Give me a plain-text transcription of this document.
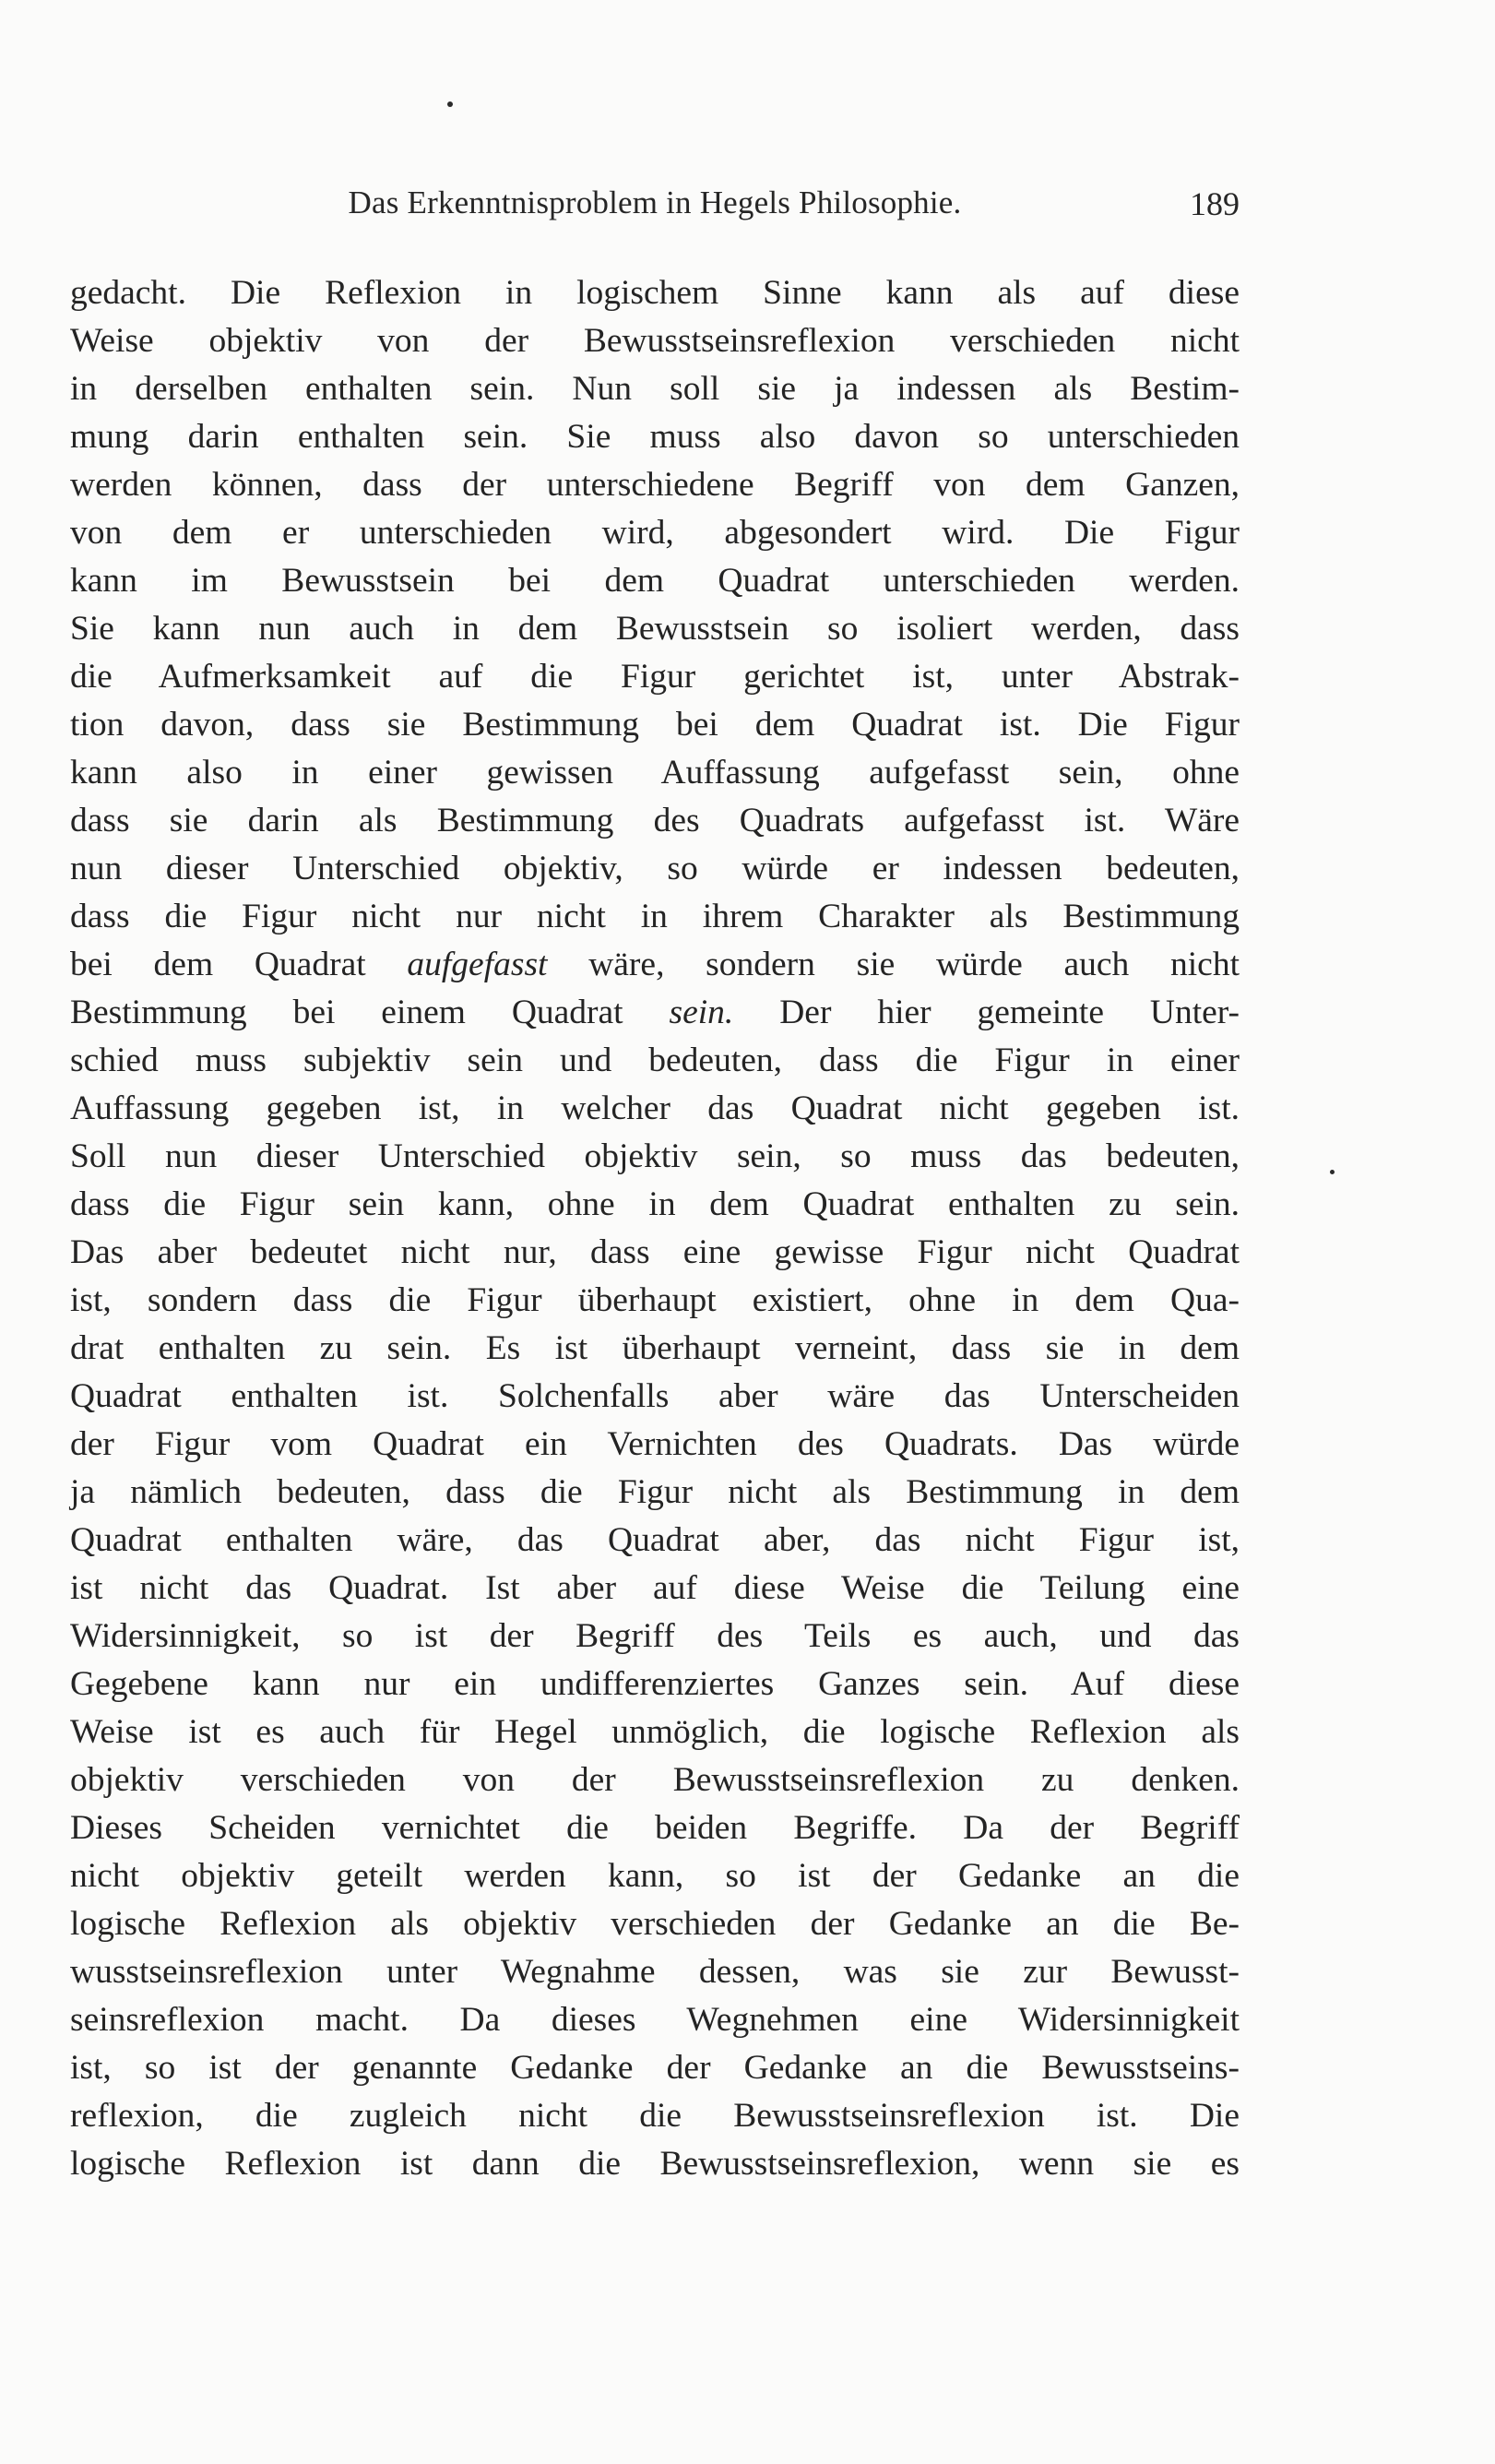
Das Erkenntnisproblem in Hegels Philosophie.	189
gedacht. Die Reflexion in logischem Sinne kann als auf diese
Weise objektiv von der Bewusstseinsreflexion verschieden nicht
in derselben enthalten sein. Nun soll sie ja indessen als Bestim-
mung darin enthalten sein. Sie muss also davon so unterschieden
werden können, dass der unterschiedene Begriff von dem Ganzen,
von dem er unterschieden wird, abgesondert wird. Die Figur
kann im Bewusstsein bei dem Quadrat unterschieden werden.
Sie kann nun auch in dem Bewusstsein so isoliert werden, dass
die Aufmerksamkeit auf die Figur gerichtet ist, unter Abstrak-
tion davon, dass sie Bestimmung bei dem Quadrat ist. Die Figur
kann also in einer gewissen Auffassung aufgefasst sein, ohne
dass sie darin als Bestimmung des Quadrats aufgefasst ist. Wäre
nun dieser Unterschied objektiv, so würde er indessen bedeuten,
dass die Figur nicht nur nicht in ihrem Charakter als Bestimmung
bei dem Quadrat aufgefasst wäre, sondern sie würde auch nicht
Bestimmung bei einem Quadrat sein. Der hier gemeinte Unter-
schied muss subjektiv sein und bedeuten, dass die Figur in einer
Auffassung gegeben ist, in welcher das Quadrat nicht gegeben ist.
Soll nun dieser Unterschied objektiv sein, so muss das bedeuten,
dass die Figur sein kann, ohne in dem Quadrat enthalten zu sein.
Das aber bedeutet nicht nur, dass eine gewisse Figur nicht Quadrat
ist, sondern dass die Figur überhaupt existiert, ohne in dem Qua-
drat enthalten zu sein. Es ist überhaupt verneint, dass sie in dem
Quadrat enthalten ist. Solchenfalls aber wäre das Unterscheiden
der Figur vom Quadrat ein Vernichten des Quadrats. Das würde
ja nämlich bedeuten, dass die Figur nicht als Bestimmung in dem
Quadrat enthalten wäre, das Quadrat aber, das nicht Figur ist,
ist nicht das Quadrat. Ist aber auf diese Weise die Teilung eine
Widersinnigkeit, so ist der Begriff des Teils es auch, und das
Gegebene kann nur ein undifferenziertes Ganzes sein. Auf diese
Weise ist es auch für Hegel unmöglich, die logische Reflexion als
objektiv verschieden von der Bewusstseinsreflexion zu denken.
Dieses Scheiden vernichtet die beiden Begriffe. Da der Begriff
nicht objektiv geteilt werden kann, so ist der Gedanke an die
logische Reflexion als objektiv verschieden der Gedanke an die Be-
wusstseinsreflexion unter Wegnahme dessen, was sie zur Bewusst-
seinsreflexion macht. Da dieses Wegnehmen eine Widersinnigkeit
ist, so ist der genannte Gedanke der Gedanke an die Bewusstseins-
reflexion, die zugleich nicht die Bewusstseinsreflexion ist. Die
logische Reflexion ist dann die Bewusstseinsreflexion, wenn sie es
